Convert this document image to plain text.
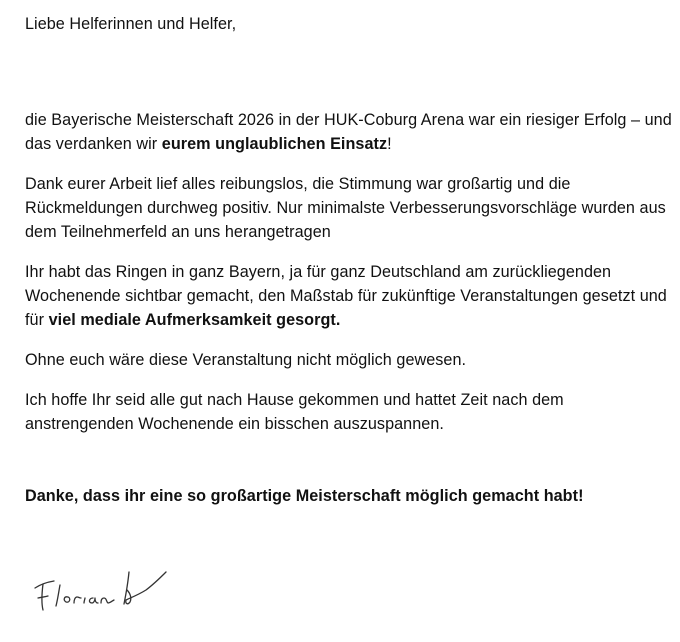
Liebe Helferinnen und Helfer,

die Bayerische Meisterschaft 2026 in der HUK-Coburg Arena war ein riesiger Erfolg – und das verdanken wir eurem unglaublichen Einsatz!

Dank eurer Arbeit lief alles reibungslos, die Stimmung war großartig und die Rückmeldungen durchweg positiv. Nur minimalste Verbesserungsvorschläge wurden aus dem Teilnehmerfeld an uns herangetragen

Ihr habt das Ringen in ganz Bayern, ja für ganz Deutschland am zurückliegenden Wochenende sichtbar gemacht, den Maßstab für zukünftige Veranstaltungen gesetzt und für viel mediale Aufmerksamkeit gesorgt.

Ohne euch wäre diese Veranstaltung nicht möglich gewesen.

Ich hoffe Ihr seid alle gut nach Hause gekommen und hattet Zeit nach dem anstrengenden Wochenende ein bisschen auszuspannen.

Danke, dass ihr eine so großartige Meisterschaft möglich gemacht habt!
